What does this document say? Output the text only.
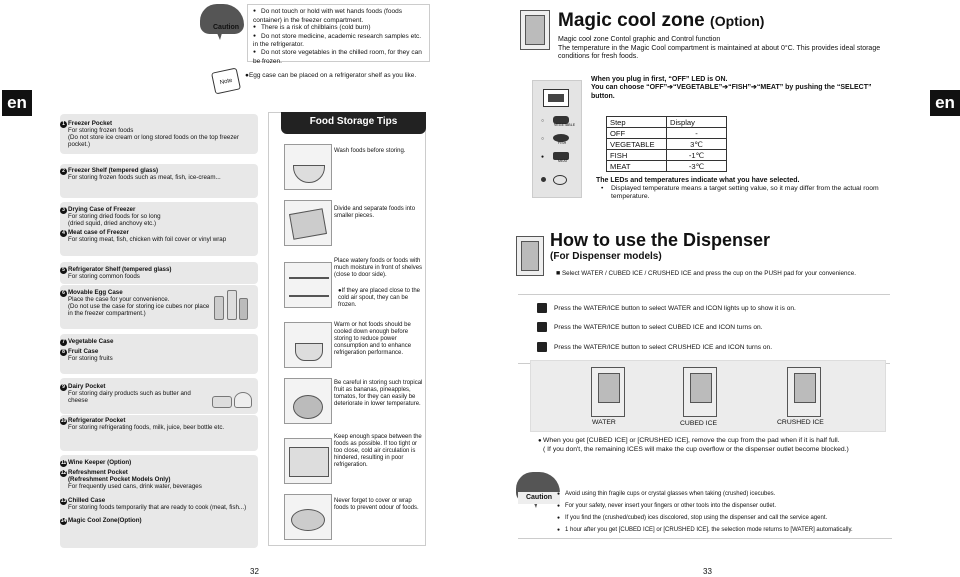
en	en
Caution
● Do not touch or hold with wet hands foods (foods container) in the freezer compartment.
● There is a risk of chilblains (cold burn)
● Do not store medicine, academic research samples etc. in the refrigerator.
● Do not store vegetables in the chilled room, for they can be frozen.
Note
●Egg case can be placed on a refrigerator shelf as you like.
1 Freezer Pocket
For storing frozen foods
(Do not store ice cream or long stored foods on the top freezer pocket.)
2 Freezer Shelf (tempered glass)
For storing frozen foods such as meat, fish, ice-cream...
3 Drying Case of Freezer
For storing dried foods for so long
(dried squid, dried anchovy etc.)
4 Meat case of Freezer
For storing meat, fish, chicken with foil cover or vinyl wrap
5 Refrigerator Shelf (tempered glass)
For storing common foods
6 Movable Egg Case
Place the case for your convenience.
(Do not use the case for storing ice cubes nor place in the freezer compartment.)
7 Vegetable Case
8 Fruit Case
For storing fruits
9 Dairy Pocket
For storing dairy products such as butter and cheese
10 Refrigerator Pocket
For storing refrigerating foods, milk, juice, beer bottle etc.
11 Wine Keeper (Option)
12 Refreshment Pocket
(Refreshment Pocket Models Only)
For frequently used cans, drink water, beverages
13 Chilled Case
For storing foods temporarily that are ready to cook (meat, fish...)
14 Magic Cool Zone(Option)
Food Storage Tips
Wash foods before storing.
Divide and separate foods into smaller pieces.
Place watery foods or foods with much moisture in front of shelves (close to door side).
●If they are placed close to the cold air spout, they can be frozen.
Warm or hot foods should be cooled down enough before storing to reduce power consumption and to enhance refrigeration performance.
Be careful in storing such tropical fruit as bananas, pineapples, tomatos, for they can easily be deteriorate in lower temperature.
Keep enough space between the foods as possible. If too tight or too close, cold air circulation is hindered, resulting in poor refrigeration.
Never forget to cover or wrap foods to prevent odour of foods.
32
Magic cool zone (Option)
Magic cool zone Contol graphic and Control function
The temperature in the Magic Cool compartment is maintained at about 0°C. This provides ideal storage conditions for fresh foods.
○
○
●
VEGETABLE
FISH
MEAT
When you plug in first, “OFF” LED is ON.
You can choose “OFF”➔“VEGETABLE”➔“FISH”➔“MEAT” by pushing the “SELECT” button.
Step	Display
OFF	-
VEGETABLE	3℃
FISH	-1℃
MEAT	-3℃
The LEDs and temperatures indicate what you have selected.
• Displayed temperature means a target setting value, so it may differ from the actual room temperature.
How to use the Dispenser
(For Dispenser models)
■ Select WATER / CUBED ICE / CRUSHED ICE and press the cup on the PUSH pad for your convenience.
Press the WATER/ICE button to select WATER and ICON lights up to show it is on.
Press the WATER/ICE button to select CUBED ICE and ICON turns on.
Press the WATER/ICE button to select CRUSHED ICE and ICON turns on.
WATER	CUBED ICE	CRUSHED ICE
● When you get [CUBED ICE] or [CRUSHED ICE], remove the cup from the pad when if it is half full.
( If you don't, the remaining ICES will make the cup overflow or the dispenser outlet become blocked.)
Caution	● Avoid using thin fragile cups or crystal glasses when taking (crushed) icecubes.
● For your safety, never insert your fingers or other tools into the dispenser outlet.
● If you find the (crushed/cubed) ices discolored, stop using the dispenser and call the service agent.
● 1 hour after you get [CUBED ICE] or [CRUSHED ICE], the selection mode returns to [WATER] automatically.
33
